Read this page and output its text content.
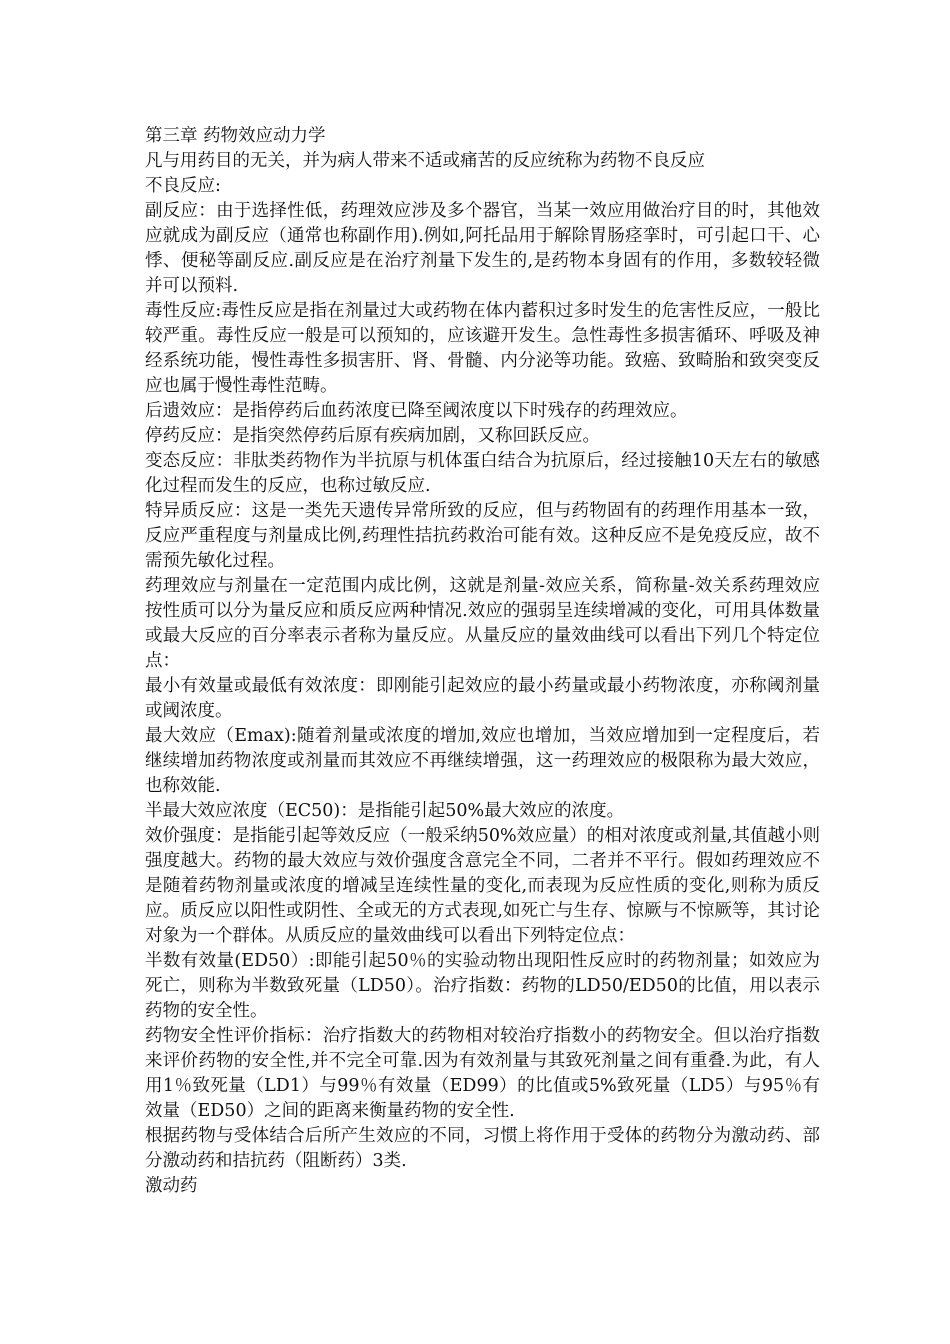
第三章 药物效应动力学

凡与用药目的无关，并为病人带来不适或痛苦的反应统称为药物不良反应

不良反应:

副反应：由于选择性低，药理效应涉及多个器官，当某一效应用做治疗目的时，其他效应就成为副反应（通常也称副作用).例如,阿托品用于解除胃肠痉挛时，可引起口干、心悸、便秘等副反应.副反应是在治疗剂量下发生的,是药物本身固有的作用，多数较轻微并可以预料.

毒性反应:毒性反应是指在剂量过大或药物在体内蓄积过多时发生的危害性反应，一般比较严重。毒性反应一般是可以预知的，应该避开发生。急性毒性多损害循环、呼吸及神经系统功能，慢性毒性多损害肝、肾、骨髓、内分泌等功能。致癌、致畸胎和致突变反应也属于慢性毒性范畴。

后遗效应：是指停药后血药浓度已降至阈浓度以下时残存的药理效应。

停药反应：是指突然停药后原有疾病加剧，又称回跃反应。

变态反应：非肽类药物作为半抗原与机体蛋白结合为抗原后，经过接触10天左右的敏感化过程而发生的反应，也称过敏反应.

特异质反应：这是一类先天遗传异常所致的反应，但与药物固有的药理作用基本一致，反应严重程度与剂量成比例,药理性拮抗药救治可能有效。这种反应不是免疫反应，故不需预先敏化过程。

药理效应与剂量在一定范围内成比例，这就是剂量-效应关系，简称量-效关系药理效应按性质可以分为量反应和质反应两种情况.效应的强弱呈连续增减的变化，可用具体数量或最大反应的百分率表示者称为量反应。从量反应的量效曲线可以看出下列几个特定位点：

最小有效量或最低有效浓度：即刚能引起效应的最小药量或最小药物浓度，亦称阈剂量或阈浓度。

最大效应（Emax):随着剂量或浓度的增加,效应也增加，当效应增加到一定程度后，若继续增加药物浓度或剂量而其效应不再继续增强，这一药理效应的极限称为最大效应，也称效能.

半最大效应浓度（EC50)：是指能引起50%最大效应的浓度。

效价强度：是指能引起等效反应（一般采纳50%效应量）的相对浓度或剂量,其值越小则强度越大。药物的最大效应与效价强度含意完全不同，二者并不平行。假如药理效应不是随着药物剂量或浓度的增减呈连续性量的变化,而表现为反应性质的变化,则称为质反应。质反应以阳性或阴性、全或无的方式表现,如死亡与生存、惊厥与不惊厥等，其讨论对象为一个群体。从质反应的量效曲线可以看出下列特定位点：

半数有效量(ED50）:即能引起50％的实验动物出现阳性反应时的药物剂量；如效应为死亡，则称为半数致死量（LD50）。治疗指数：药物的LD50/ED50的比值，用以表示药物的安全性。

药物安全性评价指标：治疗指数大的药物相对较治疗指数小的药物安全。但以治疗指数来评价药物的安全性,并不完全可靠.因为有效剂量与其致死剂量之间有重叠.为此，有人用1％致死量（LD1）与99％有效量（ED99）的比值或5%致死量（LD5）与95％有效量（ED50）之间的距离来衡量药物的安全性.

根据药物与受体结合后所产生效应的不同，习惯上将作用于受体的药物分为激动药、部分激动药和拮抗药（阻断药）3类.

激动药
